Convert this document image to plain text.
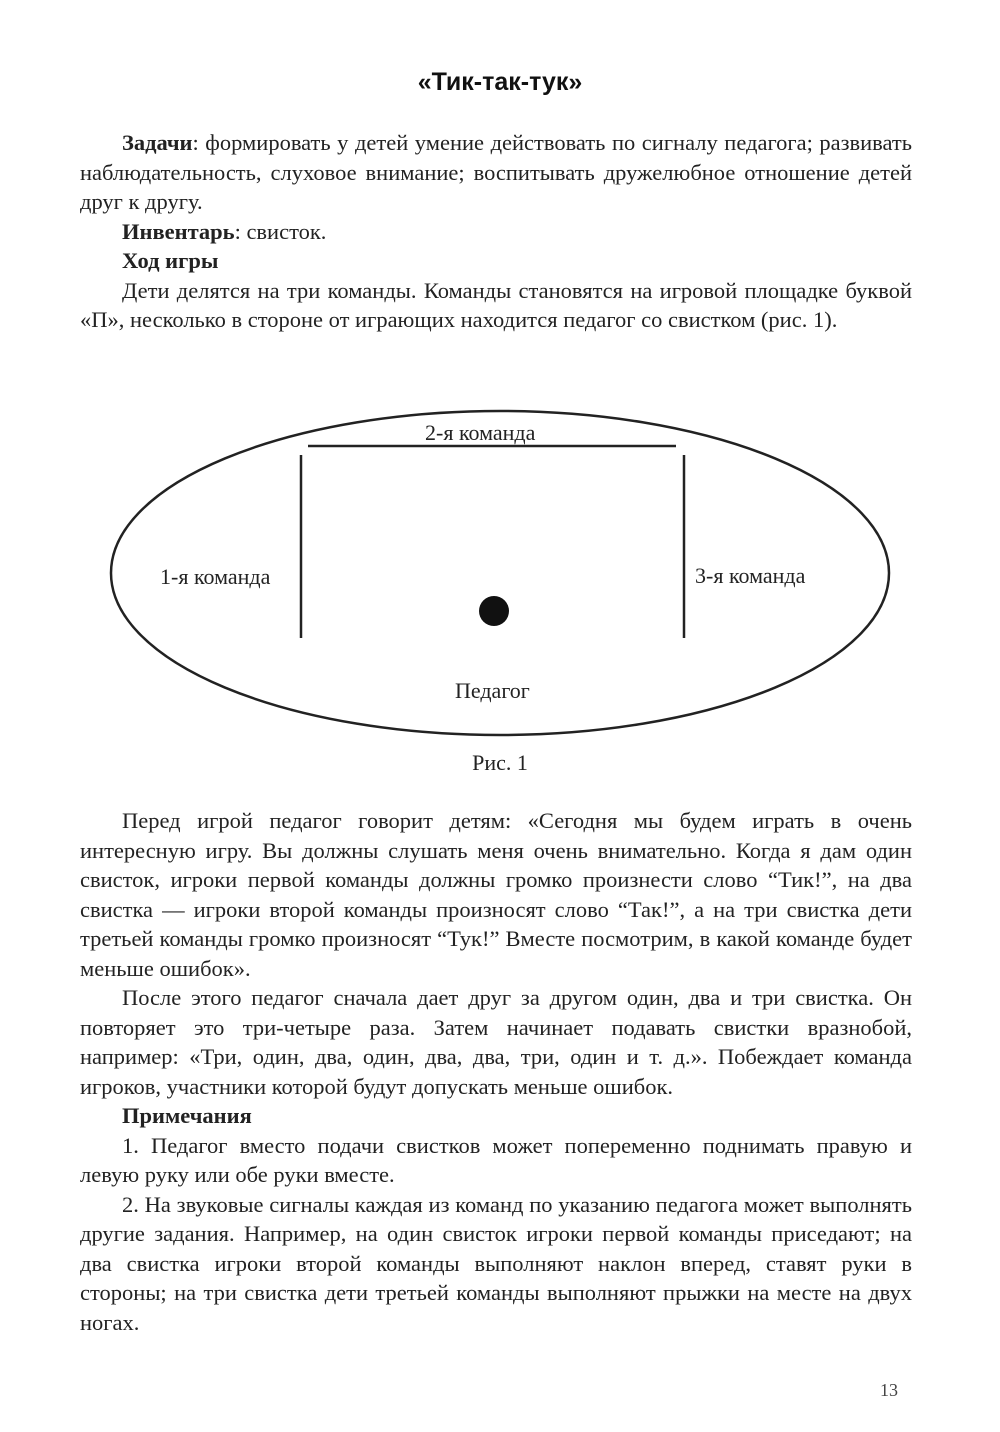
«Тик-так-тук»

Задачи: формировать у детей умение действовать по сигналу педагога; развивать наблюдательность, слуховое внимание; воспитывать дружелюбное отношение детей друг к другу.

Инвентарь: свисток.

Ход игры

Дети делятся на три команды. Команды становятся на игровой площадке буквой «П», несколько в стороне от играющих находится педагог со свистком (рис. 1).

2-я команда
1-я команда	3-я команда
Педагог
Рис. 1

Перед игрой педагог говорит детям: «Сегодня мы будем играть в очень интересную игру. Вы должны слушать меня очень внимательно. Когда я дам один свисток, игроки первой команды должны громко произнести слово “Тик!”, на два свистка — игроки второй команды произносят слово “Так!”, а на три свистка дети третьей команды громко произносят “Тук!” Вместе посмотрим, в какой команде будет меньше ошибок».

После этого педагог сначала дает друг за другом один, два и три свистка. Он повторяет это три-четыре раза. Затем начинает подавать свистки вразнобой, например: «Три, один, два, один, два, два, три, один и т. д.». Побеждает команда игроков, участники которой будут допускать меньше ошибок.

Примечания

1. Педагог вместо подачи свистков может попеременно поднимать правую и левую руку или обе руки вместе.

2. На звуковые сигналы каждая из команд по указанию педагога может выполнять другие задания. Например, на один свисток игроки первой команды приседают; на два свистка игроки второй команды выполняют наклон вперед, ставят руки в стороны; на три свистка дети третьей команды выполняют прыжки на месте на двух ногах.

13
